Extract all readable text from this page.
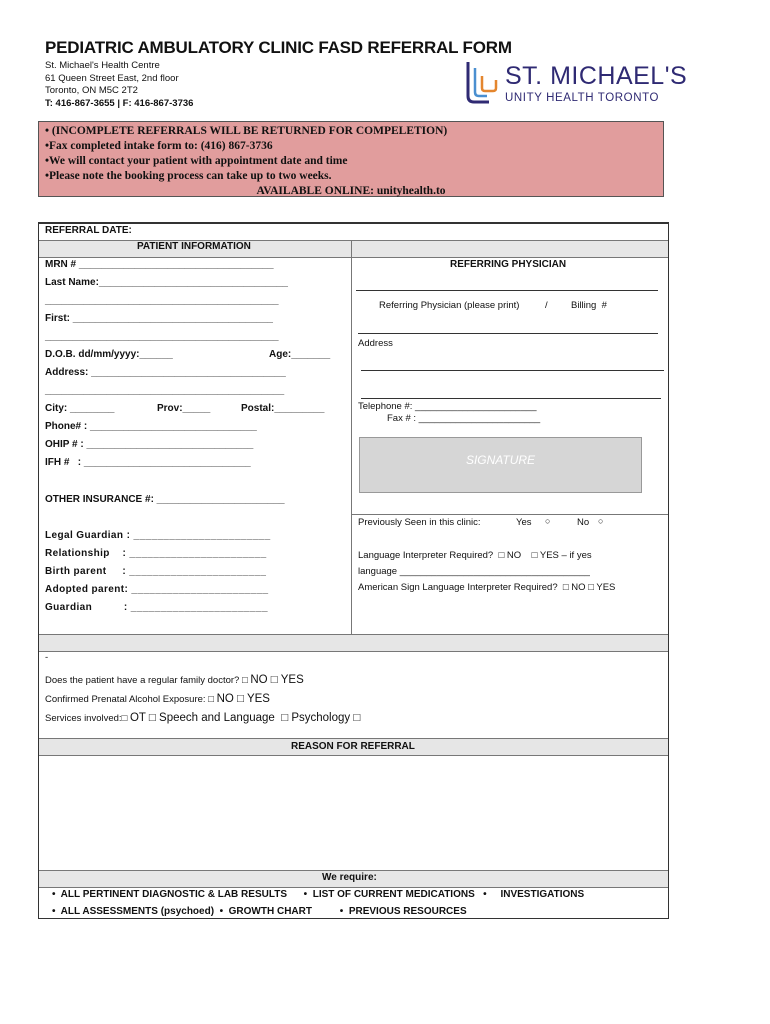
PEDIATRIC AMBULATORY CLINIC FASD REFERRAL FORM
St. Michael's Health Centre
61 Queen Street East, 2nd floor
Toronto, ON M5C 2T2
T: 416-867-3655 | F: 416-867-3736
ST. MICHAEL'S
UNITY HEALTH TORONTO
• (INCOMPLETE REFERRALS WILL BE RETURNED FOR COMPELETION)
•Fax completed intake form to: (416) 867-3736
•We will contact your patient with appointment date and time
•Please note the booking process can take up to two weeks.
AVAILABLE ONLINE: unityhealth.to
REFERRAL DATE:
PATIENT INFORMATION
MRN # ___________________________________
Last Name:__________________________________
__________________________________________
First: ____________________________________
__________________________________________
D.O.B. dd/mm/yyyy:______	Age:_______
Address: ___________________________________
___________________________________________
City: ________	Prov:_____	Postal:_________
Phone# : ______________________________
OHIP # : ______________________________
IFH #   : ______________________________
OTHER INSURANCE #: _______________________
Legal Guardian : _______________________
Relationship    : _______________________
Birth parent     : _______________________
Adopted parent: _______________________
Guardian          : _______________________
REFERRING PHYSICIAN
Referring Physician (please print)	/ Billing  #
Address
Telephone #: _______________________
Fax # : _______________________
SIGNATURE
Previously Seen in this clinic:	Yes ○	No ○
Language Interpreter Required?  □ NO    □ YES – if yes
language ____________________________________
American Sign Language Interpreter Required?  □ NO □ YES
-
Does the patient have a regular family doctor? □ NO □ YES
Confirmed Prenatal Alcohol Exposure: □ NO □ YES
Services involved:□ OT □ Speech and Language  □ Psychology □
REASON FOR REFERRAL
We require:
•  ALL PERTINENT DIAGNOSTIC & LAB RESULTS      •  LIST OF CURRENT MEDICATIONS   •     INVESTIGATIONS
•  ALL ASSESSMENTS (psychoed)  •  GROWTH CHART          •  PREVIOUS RESOURCES
